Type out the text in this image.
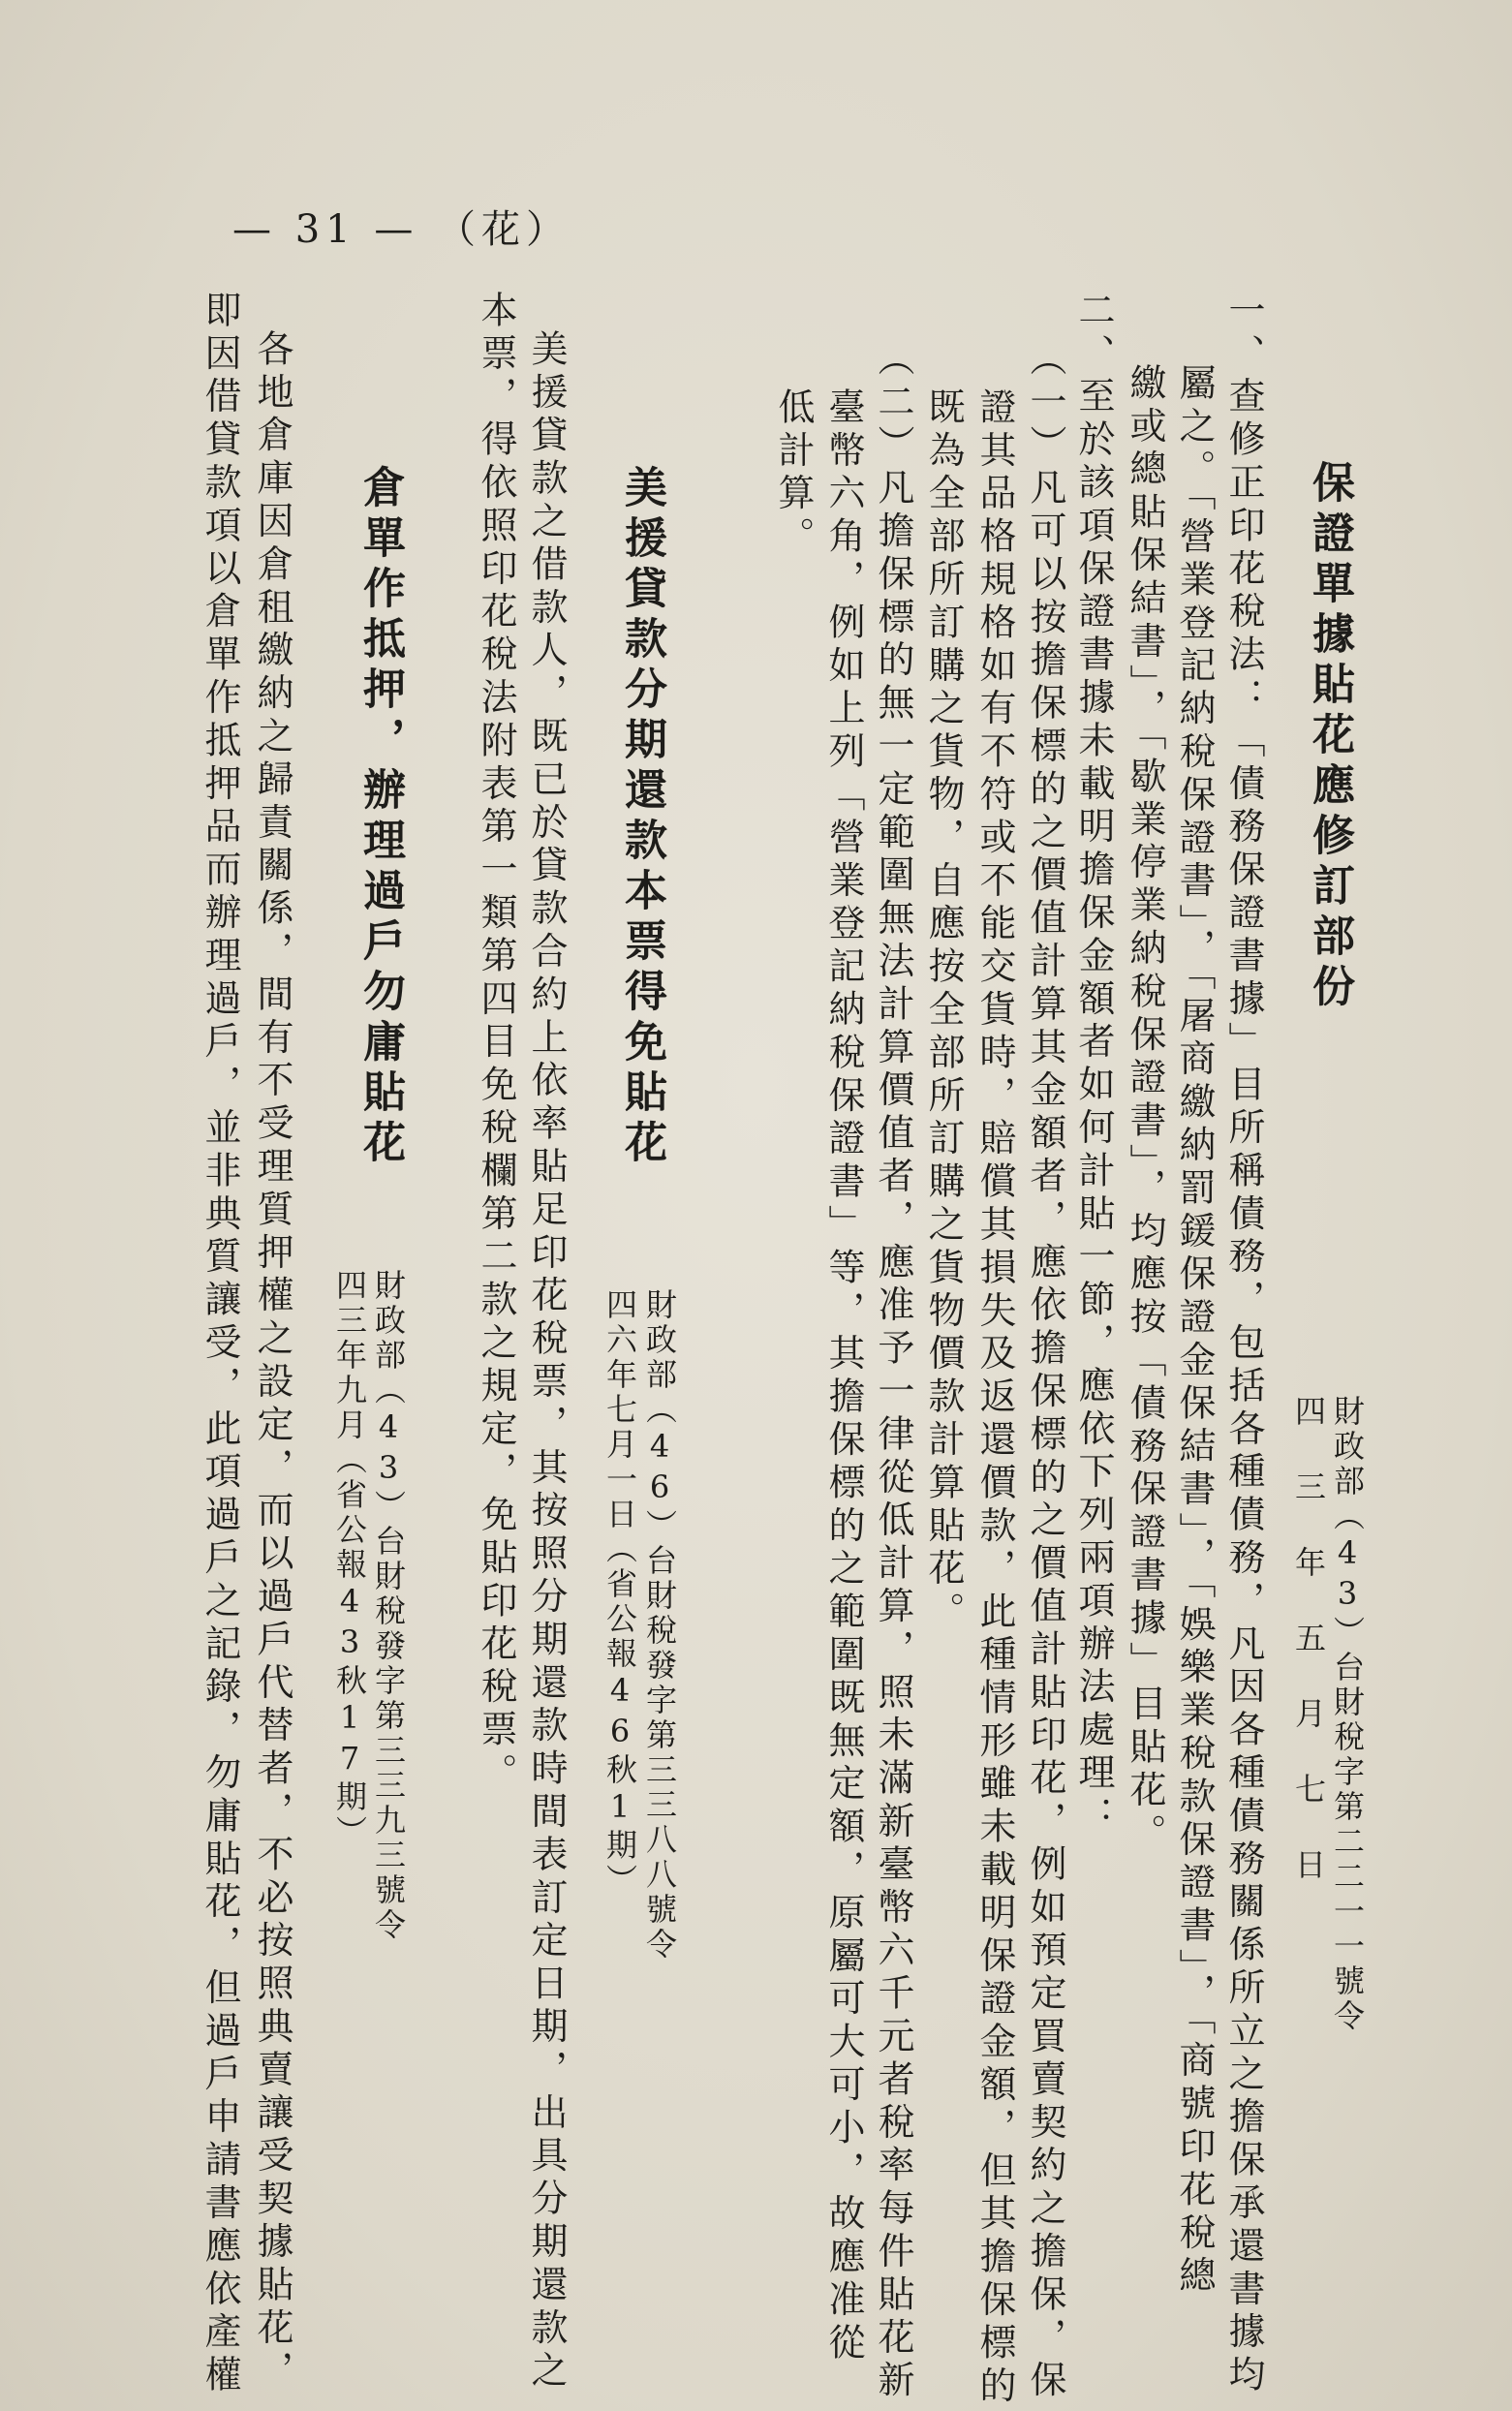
— 31 — （花）
保證單據貼花應修訂部份
財政部（43）台財稅字第二二一一號令
四 三 年 五 月 七 日
一、查修正印花稅法：「債務保證書據」目所稱債務，包括各種債務，凡因各種債務關係所立之擔保承還書據均
屬之。「營業登記納稅保證書」，「屠商繳納罰鍰保證金保結書」，「娛樂業稅款保證書」，「商號印花稅總
繳或總貼保結書」，「歇業停業納稅保證書」，均應按「債務保證書據」目貼花。
二、至於該項保證書據未載明擔保金額者如何計貼一節，應依下列兩項辦法處理：
（一）凡可以按擔保標的之價值計算其金額者，應依擔保標的之價值計貼印花，例如預定買賣契約之擔保，保
證其品格規格如有不符或不能交貨時，賠償其損失及返還價款，此種情形雖未載明保證金額，但其擔保標的
既為全部所訂購之貨物，自應按全部所訂購之貨物價款計算貼花。
（二）凡擔保標的無一定範圍無法計算價值者，應准予一律從低計算，照未滿新臺幣六千元者稅率每件貼花新
臺幣六角，例如上列「營業登記納稅保證書」等，其擔保標的之範圍既無定額，原屬可大可小，故應准從
低計算。
美援貸款分期還款本票得免貼花
財政部（46）台財稅發字第三三八八號令
四六年七月一日（省公報46秋1期）
美援貸款之借款人，既已於貸款合約上依率貼足印花稅票，其按照分期還款時間表訂定日期，出具分期還款之
本票，得依照印花稅法附表第一類第四目免稅欄第二款之規定，免貼印花稅票。
倉單作抵押，辦理過戶勿庸貼花
財政部（43）台財稅發字第三三九三號令
四三年九月（省公報43秋17期）
各地倉庫因倉租繳納之歸責關係，間有不受理質押權之設定，而以過戶代替者，不必按照典賣讓受契據貼花，
即因借貸款項以倉單作抵押品而辦理過戶，並非典質讓受，此項過戶之記錄，勿庸貼花，但過戶申請書應依產權
